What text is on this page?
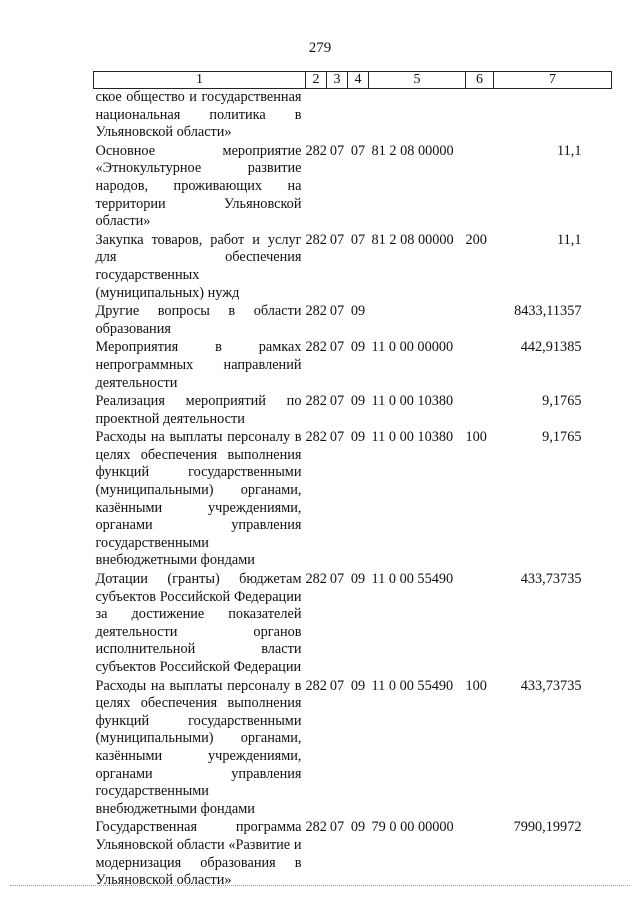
279
1	2	3	4	5	6	7
ское общество и государственная национальная политика в Ульяновской области»						
Основное мероприятие «Этнокультурное развитие народов, проживающих на территории Ульяновской области»	282	07	07	81 2 08 00000		11,1
Закупка товаров, работ и услуг для обеспечения государственных (муниципальных) нужд	282	07	07	81 2 08 00000	200	11,1
Другие вопросы в области образования	282	07	09			8433,11357
Мероприятия в рамках непрограммных направлений деятельности	282	07	09	11 0 00 00000		442,91385
Реализация мероприятий по проектной деятельности	282	07	09	11 0 00 10380		9,1765
Расходы на выплаты персоналу в целях обеспечения выполнения функций государственными (муниципальными) органами, казёнными учреждениями, органами управления государственными внебюджетными фондами	282	07	09	11 0 00 10380	100	9,1765
Дотации (гранты) бюджетам субъектов Российской Федерации за достижение показателей деятельности органов исполнительной власти субъектов Российской Федерации	282	07	09	11 0 00 55490		433,73735
Расходы на выплаты персоналу в целях обеспечения выполнения функций государственными (муниципальными) органами, казёнными учреждениями, органами управления государственными внебюджетными фондами	282	07	09	11 0 00 55490	100	433,73735
Государственная программа Ульяновской области «Развитие и модернизация образования в Ульяновской области»	282	07	09	79 0 00 00000		7990,19972
